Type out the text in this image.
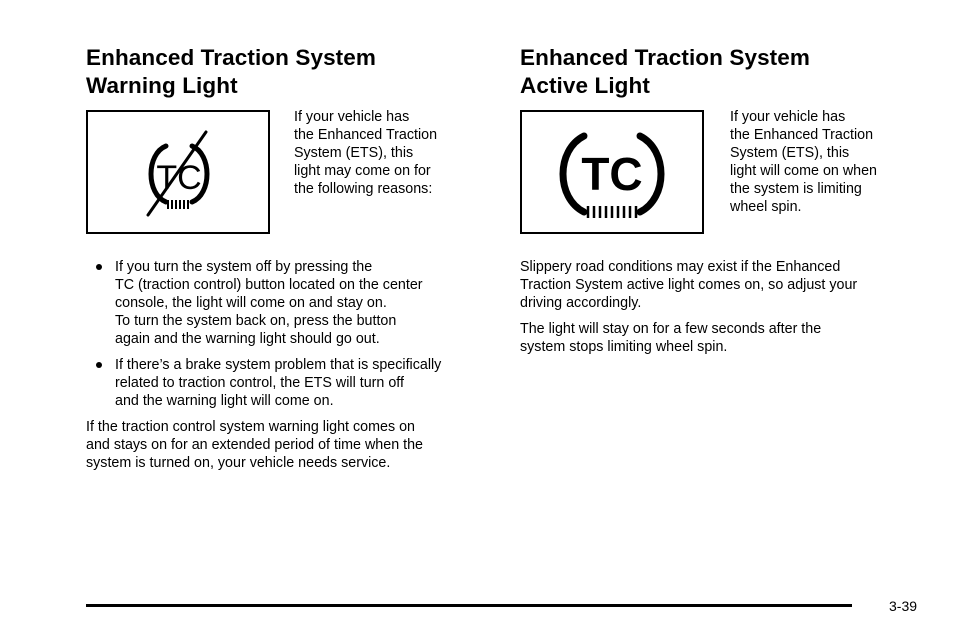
Enhanced Traction System
Warning Light
TC

If your vehicle has
the Enhanced Traction
System (ETS), this
light may come on for
the following reasons:

If you turn the system off by pressing the
TC (traction control) button located on the center
console, the light will come on and stay on.
To turn the system back on, press the button
again and the warning light should go out.
If there’s a brake system problem that is specifically
related to traction control, the ETS will turn off
and the warning light will come on.

If the traction control system warning light comes on
and stays on for an extended period of time when the
system is turned on, your vehicle needs service.

Enhanced Traction System
Active Light
TC

If your vehicle has
the Enhanced Traction
System (ETS), this
light will come on when
the system is limiting
wheel spin.

Slippery road conditions may exist if the Enhanced
Traction System active light comes on, so adjust your
driving accordingly.

The light will stay on for a few seconds after the
system stops limiting wheel spin.

3-39
